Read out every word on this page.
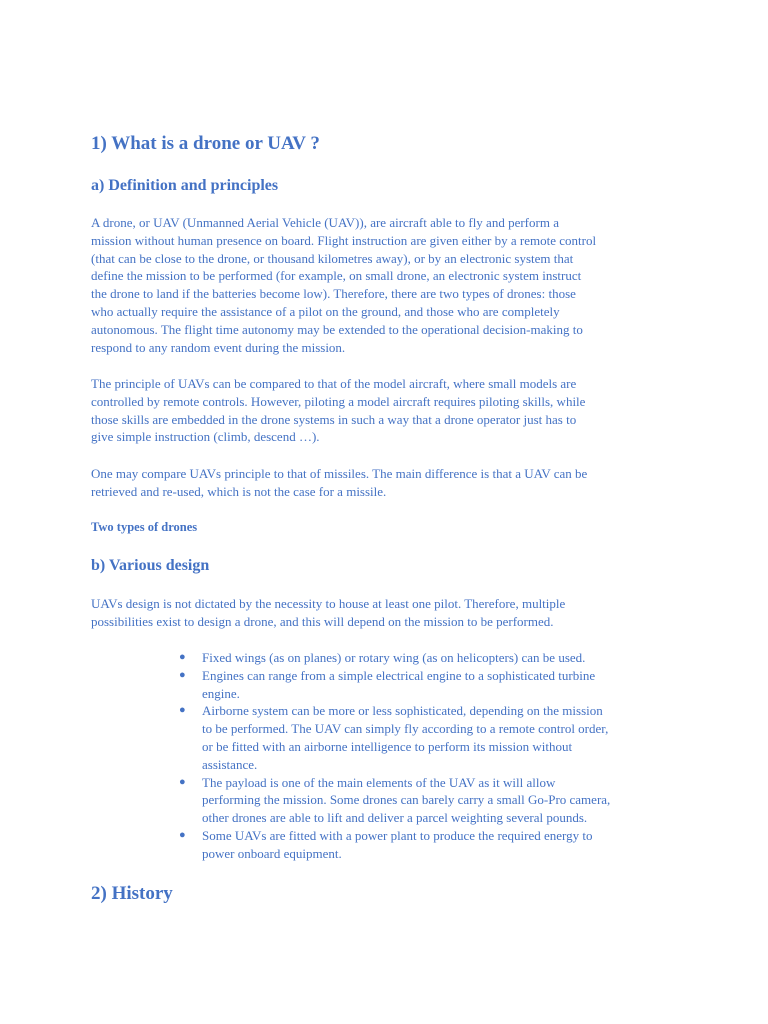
1) What is a drone or UAV ?
a) Definition and principles

A drone, or UAV (Unmanned Aerial Vehicle (UAV)), are aircraft able to fly and perform a
mission without human presence on board. Flight instruction are given either by a remote control
(that can be close to the drone, or thousand kilometres away), or by an electronic system that
define the mission to be performed (for example, on small drone, an electronic system instruct
the drone to land if the batteries become low). Therefore, there are two types of drones: those
who actually require the assistance of a pilot on the ground, and those who are completely
autonomous. The flight time autonomy may be extended to the operational decision-making to
respond to any random event during the mission.

The principle of UAVs can be compared to that of the model aircraft, where small models are
controlled by remote controls. However, piloting a model aircraft requires piloting skills, while
those skills are embedded in the drone systems in such a way that a drone operator just has to
give simple instruction (climb, descend …).

One may compare UAVs principle to that of missiles. The main difference is that a UAV can be
retrieved and re-used, which is not the case for a missile.

Two types of drones
b) Various design

UAVs design is not dictated by the necessity to house at least one pilot. Therefore, multiple
possibilities exist to design a drone, and this will depend on the mission to be performed.

● Fixed wings (as on planes) or rotary wing (as on helicopters) can be used.
● Engines can range from a simple electrical engine to a sophisticated turbine
engine.
● Airborne system can be more or less sophisticated, depending on the mission
to be performed. The UAV can simply fly according to a remote control order,
or be fitted with an airborne intelligence to perform its mission without
assistance.
● The payload is one of the main elements of the UAV as it will allow
performing the mission. Some drones can barely carry a small Go-Pro camera,
other drones are able to lift and deliver a parcel weighting several pounds.
● Some UAVs are fitted with a power plant to produce the required energy to
power onboard equipment.
2) History
